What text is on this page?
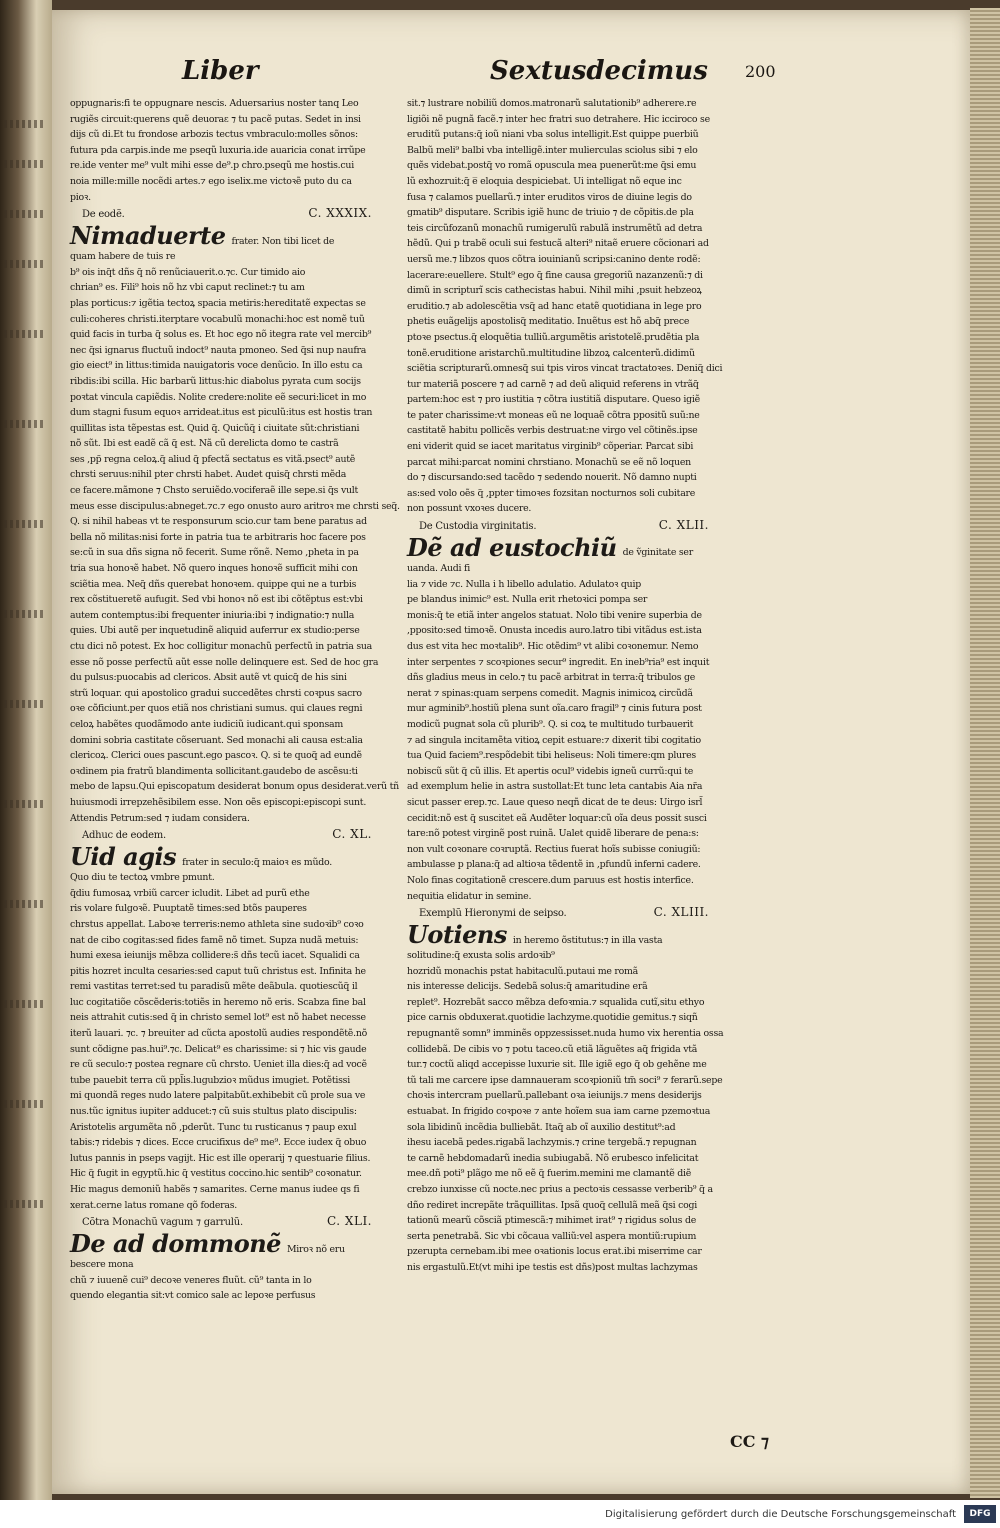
Liber	Sextusdecimus 200

oppugnaris:fi te oppugnare nescis. Aduersarius noster tanq Leo

rugiẽs circuit:querens quẽ deuoraɛ ⁊ tu pacẽ putas. Sedet in insi

dijs cũ di.Et tu frondose arbozis tectus vmbraculo:molles sõnos:

futura pda carpis.inde me pseqũ luxuria.ide auaricia conat irrũpe

re.ide venter me⁹ vult mihi esse de⁹.p chro.pseqũ me hostis.cui

noia mille:mille nocẽdi artes.⁊ ego iselix.me victoꝛẽ puto du ca

pioꝛ.

De eodẽ.	C. XXXIX.
Nimaduerte frater. Non tibi licet de

quam habere de tuis re

b⁹ ois inq̃t dñs q̃ nõ renũciauerit.o.⁊c. Cur timido aio

chrian⁹ es. Fili⁹ hois nõ hz vbi caput reclinet:⁊ tu am

plas porticus:⁊ igẽtia tectoꝝ spacia metiris:hereditatẽ expectas se

culi:coheres christi.iterptare vocabulũ monachi:hoc est nomẽ tuũ

quid facis in turba q̃ solus es. Et hoc ego nõ itegra rate vel mercib⁹

nec q̃si ignarus fluctuũ indoct⁹ nauta pmoneo. Sed q̃si nup naufra

gio eiect⁹ in littus:timida nauigatoris voce denũcio. In illo estu ca

ribdis:ibi scilla. Hic barbarũ littus:hic diabolus pyrata cum socijs

poꝛtat vincula capiẽdis. Nolite credere:nolite eẽ securi:licet in mo

dum stagni fusum equoꝛ arrideat.itus est piculũ:itus est hostis tran

quillitas ista tẽpestas est. Quid q̃. Quicũq̃ i ciuitate sũt:christiani

nõ sũt. Ibi est eadẽ cã q̃ est. Nã cũ derelicta domo te castrã

ses ,pp̃ regna celoꝝ.q̃ aliud q̃ pfectã sectatus es vitã.psect⁹ autẽ

chrsti seruus:nihil pter chrsti habet. Audet quisq̃ chrsti mẽda

ce facere.mãmone ⁊ Chsto seruiẽdo.vociferaẽ ille sepe.si q̃s vult

meus esse discipulus:abneget.⁊c.⁊ ego onusto auro aritroꝛ me chrsti seq̃.

Q. si nihil habeas vt te responsurum scio.cur tam bene paratus ad

bella nõ militas:nisi forte in patria tua te arbitraris hoc facere pos

se:cũ in sua dñs signa nõ fecerit. Sume rõnẽ. Nemo ,pheta in pa

tria sua honoꝛẽ habet. Nõ quero inques honoꝛẽ sufficit mihi con

sciẽtia mea. Neq̃ dñs querebat honoꝛem. quippe qui ne a turbis

rex cõstitueretẽ aufugit. Sed vbi honoꝛ nõ est ibi cõtẽptus est:vbi

autem contemptus:ibi frequenter iniuria:ibi ⁊ indignatio:⁊ nulla

quies. Ubi autẽ per inquetudinẽ aliquid auferrur ex studio:perse

ctu dici nõ potest. Ex hoc colligitur monachũ perfectũ in patria sua

esse nõ posse perfectũ aũt esse nolle delinquere est. Sed de hoc gra

du pulsus:puocabis ad clericos. Absit autẽ vt quicq̃ de his sini

strũ loquar. qui apostolico gradui succedẽtes chrsti coꝛpus sacro

oꝛe cõficiunt.per quos etiã nos christiani sumus. qui claues regni

celoꝝ habẽtes quodãmodo ante iudiciũ iudicant.qui sponsam

domini sobria castitate cõseruant. Sed monachi ali causa est:alia

clericoꝝ. Clerici oues pascunt.ego pascoꝛ. Q. si te quoq̃ ad eundẽ

oꝛdinem pia fratrũ blandimenta sollicitant.gaudebo de ascẽsu:ti

mebo de lapsu.Qui episcopatum desiderat bonum opus desiderat.verũ tñ

huiusmodi irrepzehẽsibilem esse. Non oẽs episcopi:episcopi sunt.

Attendis Petrum:sed ⁊ iudam considera.

Adhuc de eodem.	C. XL.
Uid agis frater in seculo:q̃ maioꝛ es mũdo.

Quo diu te tectoꝝ vmbre pmunt.

q̃diu fumosaꝝ vrbiũ carcer icludit. Libet ad purũ ethe

ris volare fulgoꝛẽ. Puuptatẽ times:sed btõs pauperes

chrstus appellat. Laboꝛe terreris:nemo athleta sine sudoꝛib⁹ coꝛo

nat de cibo cogitas:sed fides famẽ nõ timet. Supza nudã metuis:

humi exesa ieiunijs mẽbza collidere:s̃ dñs tecũ iacet. Squalidi ca

pitis hozret inculta cesaries:sed caput tuũ christus est. Infinita he

remi vastitas terret:sed tu paradisũ mẽte deãbula. quotiescũq̃ il

luc cogitatiõe cõscẽderis:totiẽs in heremo nõ eris. Scabza fine bal

neis attrahit cutis:sed q̃ in christo semel lot⁹ est nõ habet necesse

iterũ lauari. ⁊c. ⁊ breuiter ad cũcta apostolũ audies respondẽtẽ.nõ

sunt cõdigne pas.hui⁹.⁊c. Delicat⁹ es charissime: si ⁊ hic vis gaude

re cũ seculo:⁊ postea regnare cũ chrsto. Ueniet illa dies:q̃ ad vocẽ

tube pauebit terra cũ ppl̃is.lugubzioꝛ mũdus imugiet. Potẽtissi

mi quondã reges nudo latere palpitabũt.exhibebit cũ prole sua ve

nus.tũc ignitus iupiter adducet:⁊ cũ suis stultus plato discipulis:

Aristotelis argumẽta nõ ,pderũt. Tunc tu rusticanus ⁊ paup exul

tabis:⁊ ridebis ⁊ dices. Ecce crucifixus de⁹ me⁹. Ecce iudex q̃ obuo

lutus pannis in pseps vagijt. Hic est ille operarij ⁊ questuarie filius.

Hic q̃ fugit in egyptũ.hic q̃ vestitus coccino.hic sentib⁹ coꝛonatur.

Hic magus demoniũ habẽs ⁊ samarites. Cerne manus iudee qs fi

xerat.cerne latus romane qõ foderas.

Cõtra Monachũ vagum ⁊ garrulũ.	C. XLI.
De ad dommonẽ Miroꝛ nõ eru

bescere mona

chũ ⁊ iuuenẽ cui⁹ decoꝛe veneres fluũt. cũ⁹ tanta in lo

quendo elegantia sit:vt comico sale ac lepoꝛe perfusus

sit.⁊ lustrare nobiliũ domos.matronarũ salutationib⁹ adherere.re

ligiõi nẽ pugnã facẽ.⁊ inter hec fratri suo detrahere. Hic icciroco se

eruditũ putans:q̃ ioũ niani vba solus intelligit.Est quippe puerbiũ

Balbũ meli⁹ balbi vba intelligẽ.inter mulierculas sciolus sibi ⁊ elo

quẽs videbat.postq̃ vo romã opuscula mea puenerũt:me q̃si emu

lũ exhozruit:q̃ e̅ eloquia despiciebat. Ui intelligat nõ eque inc

fusa ⁊ calamos puellarũ.⁊ inter eruditos viros de diuine legis do

gmatib⁹ disputare. Scribis igiẽ hunc de triuio ⁊ de cõpitis.de pla

teis circũfozanũ monachũ rumigerulũ rabulã instrumẽtũ ad detra

hẽdũ. Qui p trabẽ oculi sui festucã alteri⁹ nitaẽ eruere cõcionari ad

uersũ me.⁊ libzos quos cõtra iouinianũ scripsi:canino dente rodẽ:

lacerare:euellere. Stult⁹ ego q̃ fine causa gregoriũ nazanzenũ:⁊ di

dimũ in scripturĩ scis cathecistas habui. Nihil mihi ,psuit hebzeoꝝ

eruditio.⁊ ab adolescẽtia vsq̃ ad hanc etatẽ quotidiana in lege pro

phetis euãgelijs apostolisq̃ meditatio. Inuẽtus est hõ abq̃ prece

ptoꝛe psectus.q̃ eloquẽtia tulliũ.argumẽtis aristotelẽ.prudẽtia pla

tonẽ.eruditione aristarchũ.multitudine libzoꝝ calcenterũ.didimũ

sciẽtia scripturarũ.omnesq̃ sui tpis viros vincat tractatoꝛes. Deniq̃ dici

tur materiã poscere ⁊ ad carnẽ ⁊ ad deũ aliquid referens in vtrãq̃

partem:hoc est ⁊ pro iustitia ⁊ cõtra iustitiã disputare. Queso igiẽ

te pater charissime:vt moneas eũ ne loquaẽ cõtra ppositũ suũ:ne

castitatẽ habitu pollicẽs verbis destruat:ne virgo vel cõtinẽs.ipse

eni viderit quid se iacet maritatus virginib⁹ cõperiar. Parcat sibi

parcat mihi:parcat nomini chrstiano. Monachũ se eẽ nõ loquen

do ⁊ discursando:sed tacẽdo ⁊ sedendo nouerit. Nõ damno nupti

as:sed volo oẽs q̃ ,ppter timoꝛes fozsitan nocturnos soli cubitare

non possunt vxoꝛes ducere.

De Custodia virginitatis.	C. XLII.
Dẽ ad eustochiũ de ṽginitate ser

uanda. Audi fi

lia ⁊ vide ⁊c. Nulla i h libello adulatio. Adulatoꝛ quip

pe blandus inimic⁹ est. Nulla erit rhetoꝛici pompa ser

monis:q̃ te etiã inter angelos statuat. Nolo tibi venire superbia de

,pposito:sed timoꝛẽ. Onusta incedis auro.latro tibi vitãdus est.ista

dus est vita hec moꝛtalib⁹. Hic otẽdim⁹ vt alibi coꝛonemur. Nemo

inter serpentes ⁊ scoꝛpiones secur⁹ ingredit. En ineb⁹ria⁹ est inquit

dñs gladius meus in celo.⁊ tu pacẽ arbitrat in terra:q̃ tribulos ge

nerat ⁊ spinas:quam serpens comedit. Magnis inimicoꝝ circũdã

mur agminib⁹.hostiũ plena sunt oĩa.caro fragil⁹ ⁊ cinis futura post

modicũ pugnat sola cũ plurib⁹. Q. si coꝝ te multitudo turbauerit

⁊ ad singula incitamẽta vitioꝝ cepit estuare:⁊ dixerit tibi cogitatio

tua Quid faciem⁹.respõdebit tibi heliseus: Noli timere:qm plures

nobiscũ sũt q̃ cũ illis. Et apertis ocul⁹ videbis igneũ currũ:qui te

ad exemplum helie in astra sustollat:Et tunc leta cantabis Aia nr̃a

sicut passer erep.⁊c. Laue queso neqñ dicat de te deus: Uirgo isrl̃

cecidit:nõ est q̃ suscitet eã Audẽter loquar:cũ oĩa deus possit susci

tare:nõ potest virginẽ post ruinã. Ualet quidẽ liberare de pena:s:

non vult coꝛonare coꝛruptã. Rectius fuerat hoĩs subisse coniugiũ:

ambulasse p plana:q̃ ad altioꝛa tẽdentẽ in ,pfundũ inferni cadere.

Nolo finas cogitationẽ crescere.dum paruus est hostis interfice.

nequitia elidatur in semine.

Exemplũ Hieronymi de seipso.	C. XLIII.
Uotiens in heremo õstitutus:⁊ in illa vasta

solitudine:q̃ exusta solis ardoꝛib⁹

hozridũ monachis pstat habitaculũ.putaui me romã

nis interesse delicijs. Sedebã solus:q̃ amaritudine erã

replet⁹. Hozrebãt sacco mẽbza defoꝛmia.⁊ squalida cutĩ,situ ethyo

pice carnis obduxerat.quotidie lachzyme.quotidie gemitus.⁊ siqñ

repugnantẽ somn⁹ imminẽs oppzessisset.nuda humo vix herentia ossa

collidebã. De cibis vo ⁊ potu taceo.cũ etiã lãguẽtes aq̃ frigida vtã

tur.⁊ coctũ aliqd accepisse luxurie sit. Ille igiẽ ego q̃ ob gehẽne me

tũ tali me carcere ipse damnaueram scoꝛpioniũ tm̃ soci⁹ ⁊ ferarũ.sepe

choꝛis intercram puellarũ.pallebant oꝛa ieiunijs.⁊ mens desiderijs

estuabat. In frigido coꝛpoꝛe ⁊ ante hoĩem sua iam carne pzemoꝛtua

sola libidinũ incẽdia bulliebãt. Itaq̃ ab oĩ auxilio destitut⁹:ad

ihesu iacebã pedes.rigabã lachzymis.⁊ crine tergebã.⁊ repugnan

te carnẽ hebdomadarũ inedia subiugabã. Nõ erubesco infelicitat

mee.dñ poti⁹ plãgo me nõ eẽ q̃ fuerim.memini me clamantẽ diẽ

crebzo iunxisse cũ nocte.nec prius a pectoꝛis cessasse verberib⁹ q̃ a

dño rediret increpãte trãquillitas. Ipsã quoq̃ cellulã meã q̃si cogi

tationũ mearũ cõsciã ptimescã:⁊ mihimet irat⁹ ⁊ rigidus solus de

serta penetrabã. Sic vbi cõcaua valliũ:vel aspera montiũ:rupium

pzerupta cernebam.ibi mee oꝛationis locus erat.ibi miserrime car

nis ergastulũ.Et(vt mihi ipe testis est dñs)post multas lachzymas

CC ⁊
Digitalisierung gefördert durch die Deutsche Forschungsgemeinschaft	DFG
